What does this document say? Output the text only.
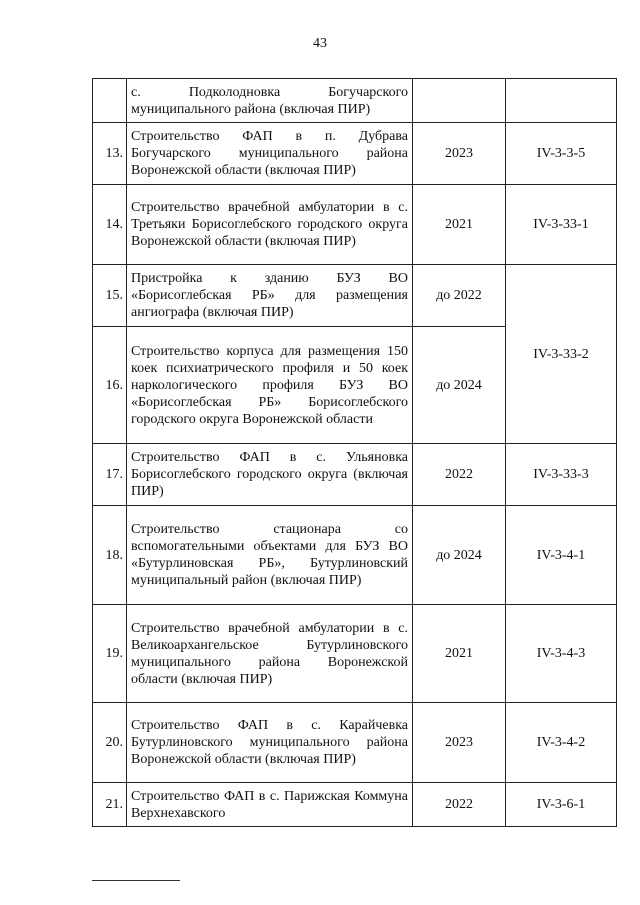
43
	с. Подколодновка Богучарского муниципального района (включая ПИР)		
13.	Строительство ФАП в п. Дубрава Богучарского муниципального района Воронежской области (включая ПИР)	2023	IV-3-3-5
14.	Строительство врачебной амбулатории в с. Третьяки Борисоглебского городского округа Воронежской области (включая ПИР)	2021	IV-3-33-1
15.	Пристройка к зданию БУЗ ВО «Борисоглебская РБ» для размещения ангиографа (включая ПИР)	до 2022	IV-3-33-2
16.	Строительство корпуса для размещения 150 коек психиатрического профиля и 50 коек наркологического профиля БУЗ ВО «Борисоглебская РБ» Борисоглебского городского округа Воронежской области	до 2024	
17.	Строительство ФАП в с. Ульяновка Борисоглебского городского округа (включая ПИР)	2022	IV-3-33-3
18.	Строительство стационара со вспомогательными объектами для БУЗ ВО «Бутурлиновская РБ», Бутурлиновский муниципальный район (включая ПИР)	до 2024	IV-3-4-1
19.	Строительство врачебной амбулатории в с. Великоархангельское Бутурлиновского муниципального района Воронежской области (включая ПИР)	2021	IV-3-4-3
20.	Строительство ФАП в с. Карайчевка Бутурлиновского муниципального района Воронежской области (включая ПИР)	2023	IV-3-4-2
21.	Строительство ФАП в с. Парижская Коммуна Верхнехавского	2022	IV-3-6-1
